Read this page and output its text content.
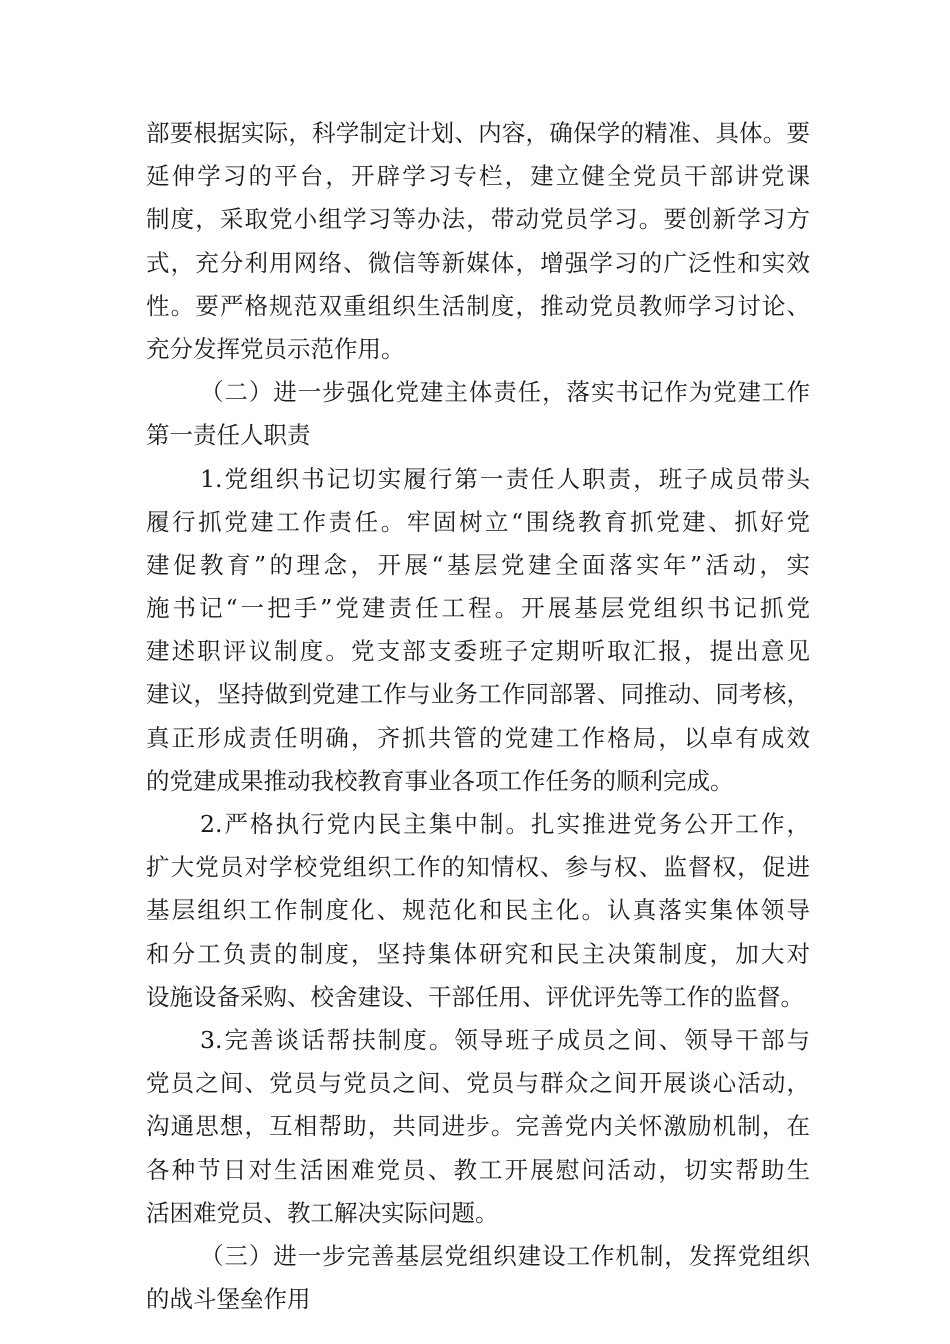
部要根据实际，科学制定计划、内容，确保学的精准、具体。要
延伸学习的平台，开辟学习专栏，建立健全党员干部讲党课
制度，采取党小组学习等办法，带动党员学习。要创新学习方
式，充分利用网络、微信等新媒体，增强学习的广泛性和实效
性。要严格规范双重组织生活制度，推动党员教师学习讨论、
充分发挥党员示范作用。
（二）进一步强化党建主体责任，落实书记作为党建工作
第一责任人职责
1.党组织书记切实履行第一责任人职责，班子成员带头
履行抓党建工作责任。牢固树立“围绕教育抓党建、抓好党
建促教育”的理念，开展“基层党建全面落实年”活动，实
施书记“一把手”党建责任工程。开展基层党组织书记抓党
建述职评议制度。党支部支委班子定期听取汇报，提出意见
建议，坚持做到党建工作与业务工作同部署、同推动、同考核，
真正形成责任明确，齐抓共管的党建工作格局，以卓有成效
的党建成果推动我校教育事业各项工作任务的顺利完成。
2.严格执行党内民主集中制。扎实推进党务公开工作，
扩大党员对学校党组织工作的知情权、参与权、监督权，促进
基层组织工作制度化、规范化和民主化。认真落实集体领导
和分工负责的制度，坚持集体研究和民主决策制度，加大对
设施设备采购、校舍建设、干部任用、评优评先等工作的监督。
3.完善谈话帮扶制度。领导班子成员之间、领导干部与
党员之间、党员与党员之间、党员与群众之间开展谈心活动，
沟通思想，互相帮助，共同进步。完善党内关怀激励机制，在
各种节日对生活困难党员、教工开展慰问活动，切实帮助生
活困难党员、教工解决实际问题。
（三）进一步完善基层党组织建设工作机制，发挥党组织
的战斗堡垒作用
